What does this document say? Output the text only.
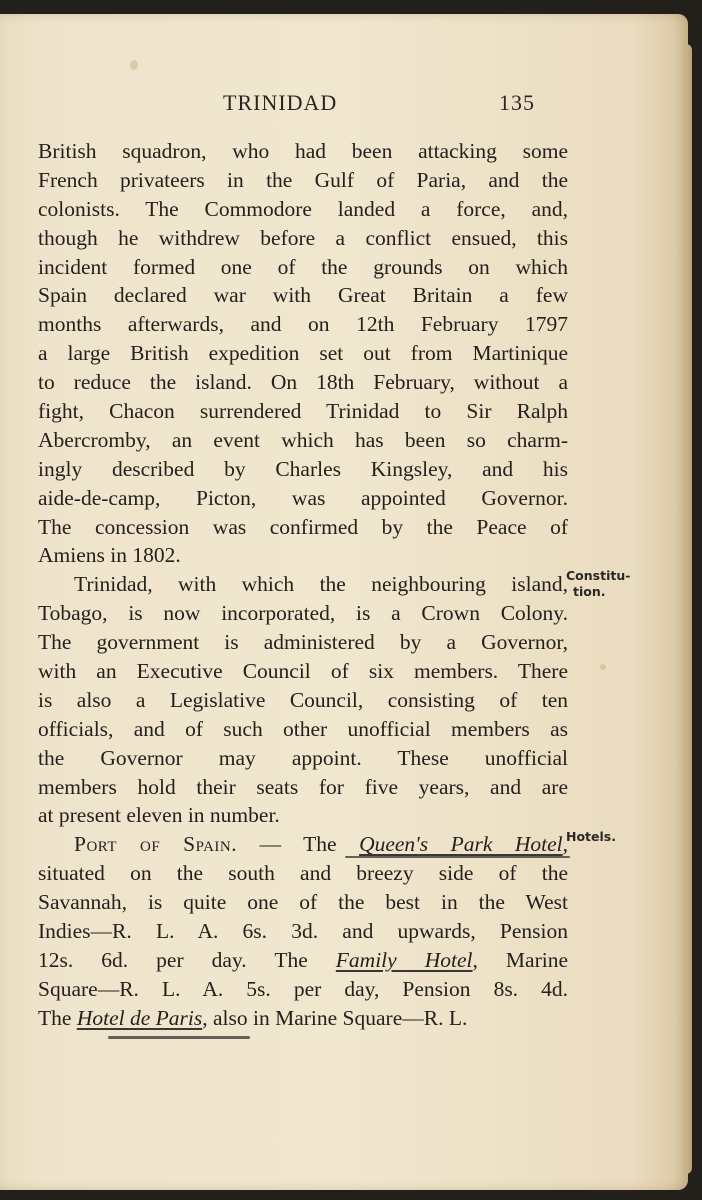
TRINIDAD	135
British squadron, who had been attacking some
French privateers in the Gulf of Paria, and the
colonists. The Commodore landed a force, and,
though he withdrew before a conflict ensued, this
incident formed one of the grounds on which
Spain declared war with Great Britain a few
months afterwards, and on 12th February 1797
a large British expedition set out from Martinique
to reduce the island. On 18th February, without a
fight, Chacon surrendered Trinidad to Sir Ralph
Abercromby, an event which has been so charm-
ingly described by Charles Kingsley, and his
aide-de-camp, Picton, was appointed Governor.
The concession was confirmed by the Peace of
Amiens in 1802.
Trinidad, with which the neighbouring island,
Tobago, is now incorporated, is a Crown Colony.
The government is administered by a Governor,
with an Executive Council of six members. There
is also a Legislative Council, consisting of ten
officials, and of such other unofficial members as
the Governor may appoint. These unofficial
members hold their seats for five years, and are
at present eleven in number.
Port of Spain. — The Queen's Park Hotel,
situated on the south and breezy side of the
Savannah, is quite one of the best in the West
Indies—R. L. A. 6s. 3d. and upwards, Pension
12s. 6d. per day. The Family Hotel, Marine
Square—R. L. A. 5s. per day, Pension 8s. 4d.
The Hotel de Paris, also in Marine Square—R. L.
Constitu-
tion.
Hotels.
